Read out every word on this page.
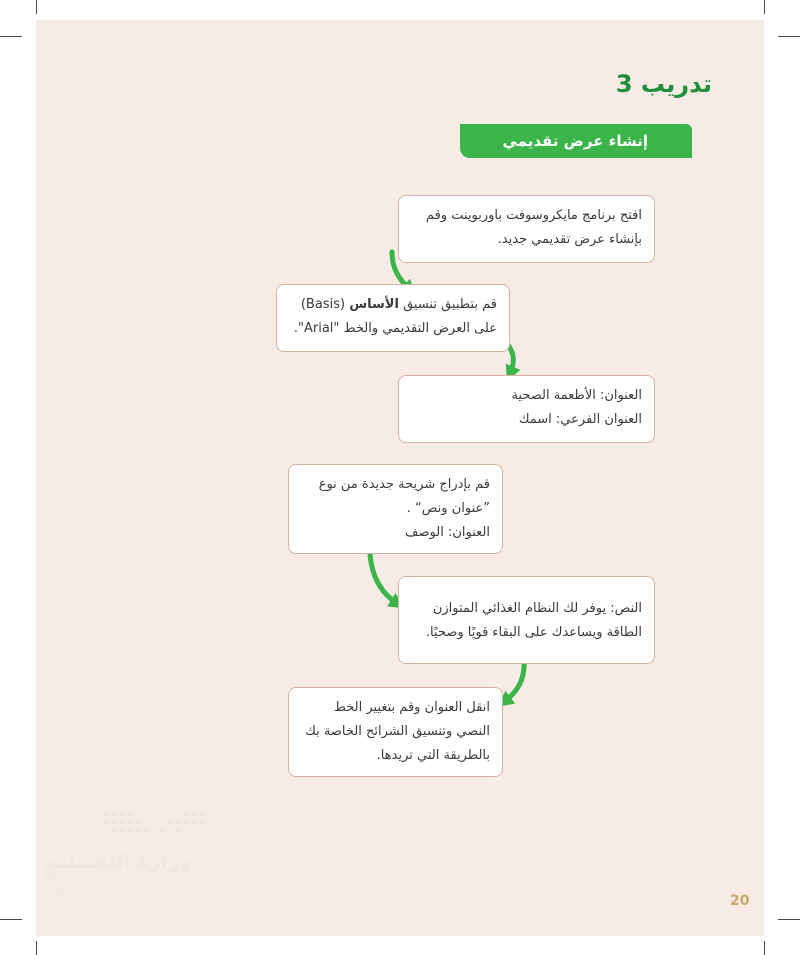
تدريب 3
إنشاء عرض تقديمي

افتح برنامج مايكروسوفت باوربوينت وقم

بإنشاء عرض تقديمي جديد.

قم بتطبيق تنسيق الأساس (Basis)

على العرض التقديمي والخط "Arial".

العنوان: الأطعمة الصحية

العنوان الفرعي: اسمك

قم بإدراج شريحة جديدة من نوع

”عنوان ونص“ .

العنوان: الوصف

النص: يوفر لك النظام الغذائي المتوازن

الطاقة ويساعدك على البقاء قويًا وصحيًا.

انقل العنوان وقم بتغيير الخط

النصي وتنسيق الشرائح الخاصة بك

بالطريقة التي تريدها.

وزارة التعـــليم
Ministry of Education
2020 - 1442
20
